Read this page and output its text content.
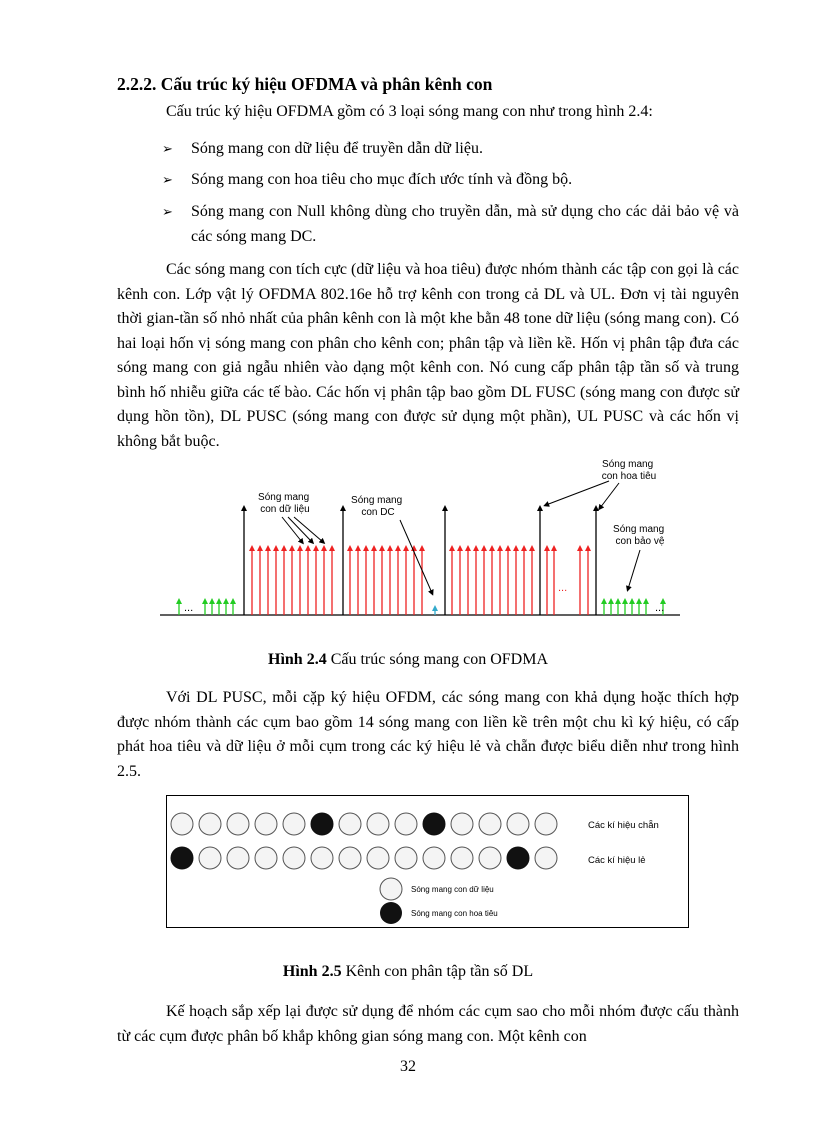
2.2.2. Cấu trúc ký hiệu OFDMA và phân kênh con
Cấu trúc ký hiệu OFDMA gồm có 3 loại sóng mang con như trong hình 2.4:
➢ Sóng mang con dữ liệu để truyền dẫn dữ liệu.
➢ Sóng mang con hoa tiêu cho mục đích ước tính và đồng bộ.
➢ Sóng mang con Null không dùng cho truyền dẫn, mà sử dụng cho các dải bảo vệ và các sóng mang DC.

Các sóng mang con tích cực (dữ liệu và hoa tiêu) được nhóm thành các tập con gọi là các kênh con. Lớp vật lý OFDMA 802.16e hỗ trợ kênh con trong cả DL và UL. Đơn vị tài nguyên thời gian-tần số nhỏ nhất của phân kênh con là một khe bằn 48 tone dữ liệu (sóng mang con). Có hai loại hốn vị sóng mang con phân cho kênh con; phân tập và liền kề. Hốn vị phân tập đưa các sóng mang con giả ngẫu nhiên vào dạng một kênh con. Nó cung cấp phân tập tần số và trung bình hố nhiễu giữa các tế bào. Các hốn vị phân tập bao gồm DL FUSC (sóng mang con được sử dụng hồn tồn), DL PUSC (sóng mang con được sử dụng một phần), UL PUSC và các hốn vị không bắt buộc.

...
...
...
Sóng mang con dữ liệu
Sóng mang con DC
Sóng mang con hoa tiêu
Sóng mang con bảo vệ
Hình 2.4 Cấu trúc sóng mang con OFDMA

Với DL PUSC, mỗi cặp ký hiệu OFDM, các sóng mang con khả dụng hoặc thích hợp được nhóm thành các cụm bao gồm 14 sóng mang con liền kề trên một chu kì ký hiệu, có cấp phát hoa tiêu và dữ liệu ở mỗi cụm trong các ký hiệu lẻ và chẵn được biểu diễn như trong hình 2.5.

Các kí hiệu chẵn
Các kí hiệu lẻ
Sóng mang con dữ liệu
Sóng mang con hoa tiêu
Hình 2.5 Kênh con phân tập tần số DL

Kế hoạch sắp xếp lại được sử dụng để nhóm các cụm sao cho mỗi nhóm được cấu thành từ các cụm được phân bố khắp không gian sóng mang con. Một kênh con

32
